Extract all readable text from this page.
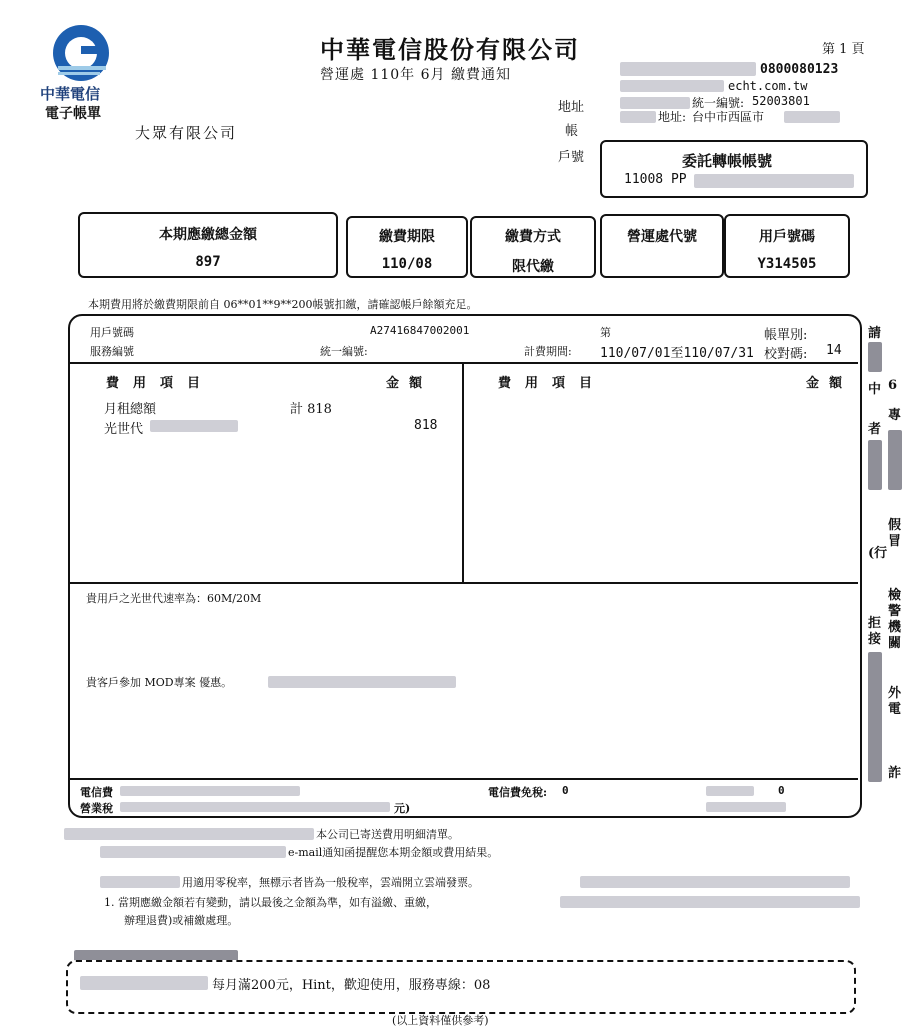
中華電信
電子帳單
中華電信股份有限公司
營運處 110年 6月 繳費通知
第 1 頁
0800080123
echt.com.tw
統一編號: 52003801
地址: 台中市西區市
大眾有限公司
地址
帳
戶號	委託轉帳帳號
11008 PP
本期應繳總金額
897
繳費期限
110/08
繳費方式
限代繳
營運處代號	用戶號碼
Y314505
本期費用將於繳費期限前自 06**01**9**200帳號扣繳，請確認帳戶餘額充足。
用戶號碼	A27416847002001	第	帳單別:
服務編號	統一編號:	計費期間: 110/07/01至110/07/31 校對碼: 14
費用項目	金額	費用項目	金額
月租總額	計 818
光世代	818
貴用戶之光世代速率為：60M/20M
貴客戶參加 MOD專案 優惠。
電信費
營業稅	元)
電信費免稅: 0	0
請
中 6
專
者
假
冒
(行
檢
警
機
關
拒
接
外
電
詐
本公司已寄送費用明細清單。
e-mail通知函提醒您本期金額或費用結果。
用適用零稅率，無標示者皆為一般稅率，雲端開立雲端發票。
1. 當期應繳金額若有變動，請以最後之金額為準，如有溢繳、重繳，
辦理退費)或補繳處理。
每月滿200元，Hint，歡迎使用，服務專線：08
(以上資料僅供參考)
